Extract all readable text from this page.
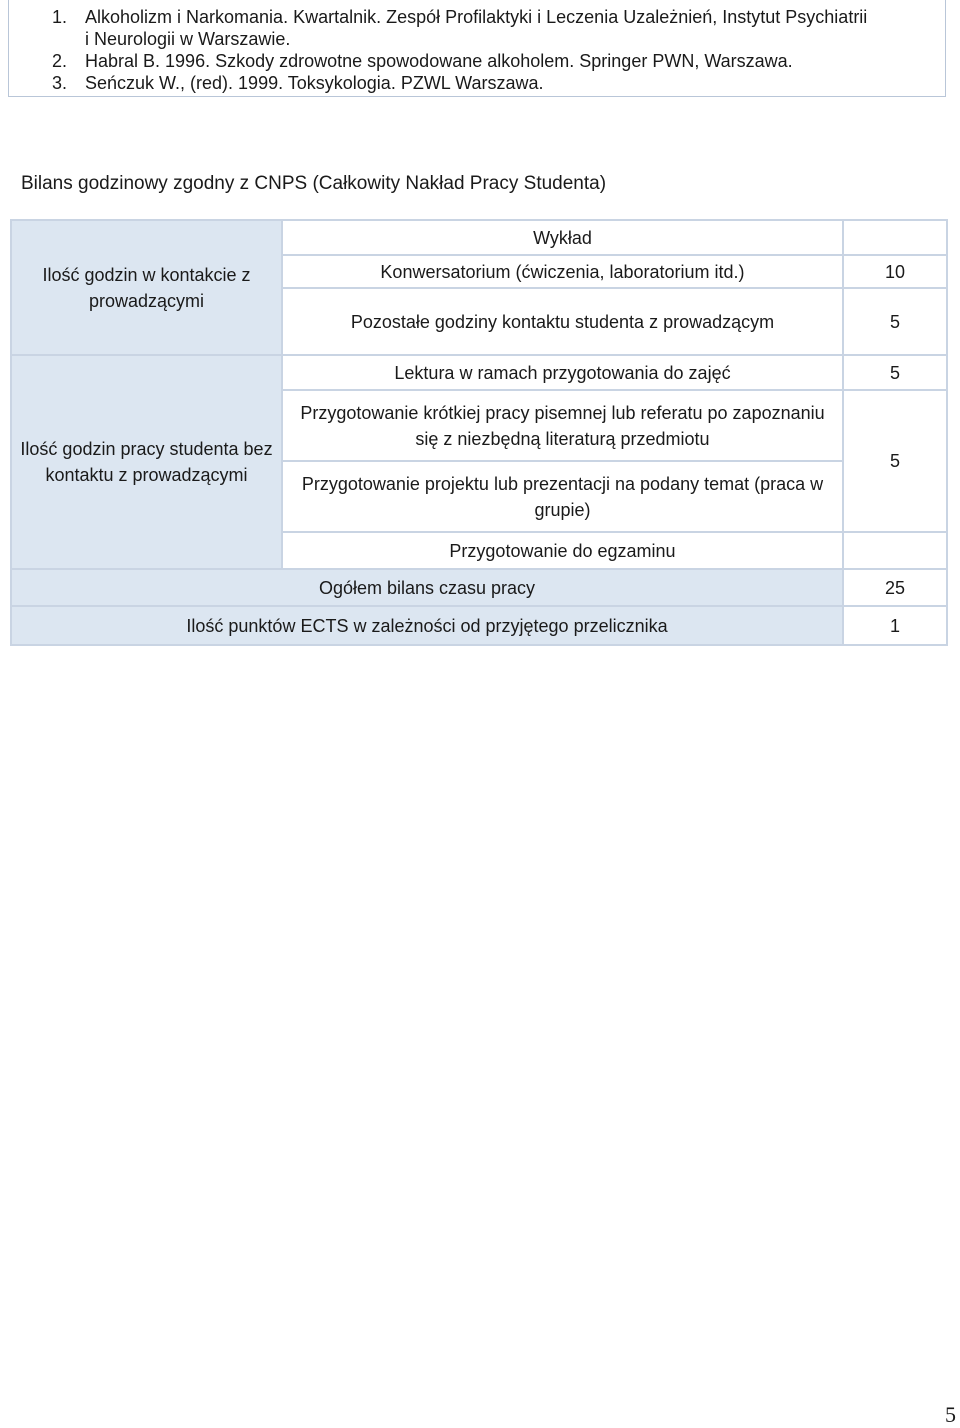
1. Alkoholizm i Narkomania. Kwartalnik. Zespół Profilaktyki i Leczenia Uzależnień, Instytut Psychiatrii
i Neurologii w Warszawie.
2. Habral B. 1996. Szkody zdrowotne spowodowane alkoholem. Springer PWN, Warszawa.
3. Seńczuk W., (red). 1999. Toksykologia. PZWL Warszawa.
Bilans godzinowy zgodny z CNPS (Całkowity Nakład Pracy Studenta)
Ilość godzin w kontakcie z prowadzącymi	Wykład	
	Konwersatorium (ćwiczenia, laboratorium itd.)	10
	Pozostałe godziny kontaktu studenta z prowadzącym	5
Ilość godzin pracy studenta bez kontaktu z prowadzącymi	Lektura w ramach przygotowania do zajęć	5
	Przygotowanie krótkiej pracy pisemnej lub referatu po zapoznaniu się z niezbędną literaturą przedmiotu	5
	Przygotowanie projektu lub prezentacji na podany temat (praca w grupie)	
	Przygotowanie do egzaminu	
Ogółem bilans czasu pracy		25
Ilość punktów ECTS w zależności od przyjętego przelicznika		1
5
